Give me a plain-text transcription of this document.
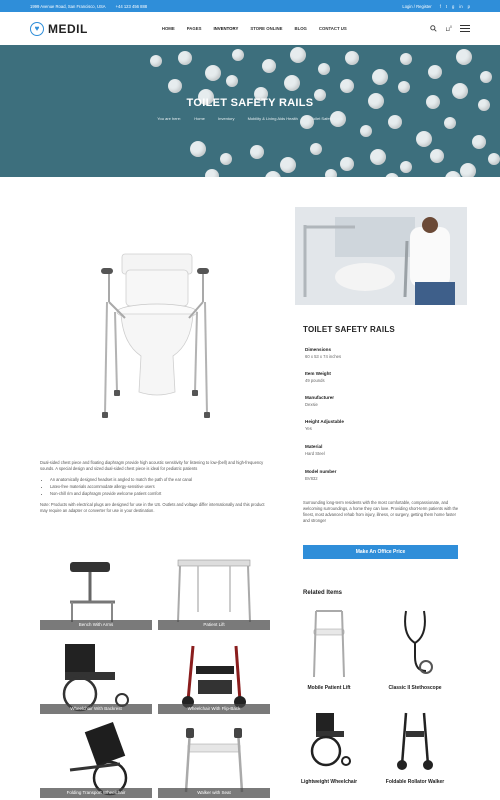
1999 Avenue Road, San Francisco, USA +44 123 456 888	Login / Register f t g in p
♥ MEDIL	HOME	PAGES	INVENTORY	STORE ONLINE	BLOG	CONTACT US	⊔$^0$
TOILET SAFETY RAILS
You are here:	Home	Inventory	Mobility & Living Aids Health	Toilet Safety Rails

Dual-sided chest piece and floating diaphragm provide high acoustic sensitivity for listening to low-(bell) and high-frequency sounds. A special design and sized dual-sided chest piece is ideal for pediatric patients

• An anatomically designed headset is angled to match the path of the ear canal
• Latex-free materials accommodate allergy-sensitive users
• Non-chill rim and diaphragm provide welcome patient comfort

Note: Products with electrical plugs are designed for use in the US. Outlets and voltage differ internationally and this product may require an adapter or converter for use in your destination.

Bench With Arms	Patient Lift
Wheelchair With Backrest	Wheelchair With Flip-Back
Folding Transport Wheelchair	Walker with Seat
TOILET SAFETY RAILS
Dimensions
60 x 53 x 74 inches
Item Weight
49 pounds
Manufacturer
Dexsie
Height Adjustable
Yes
Material
Hard Steel
Model number
BV832
Surrounding long-term residents with the most comfortable, compassionate, and welcoming surroundings, a home they can love. Providing short-term patients with the finest, most advanced rehab from injury, illness, or surgery, getting them home faster and stronger
Make An Office Price
Related Items
Mobile Patient Lift	Classic II Stethoscope
Lightweight Wheelchair	Foldable Rollator Walker
